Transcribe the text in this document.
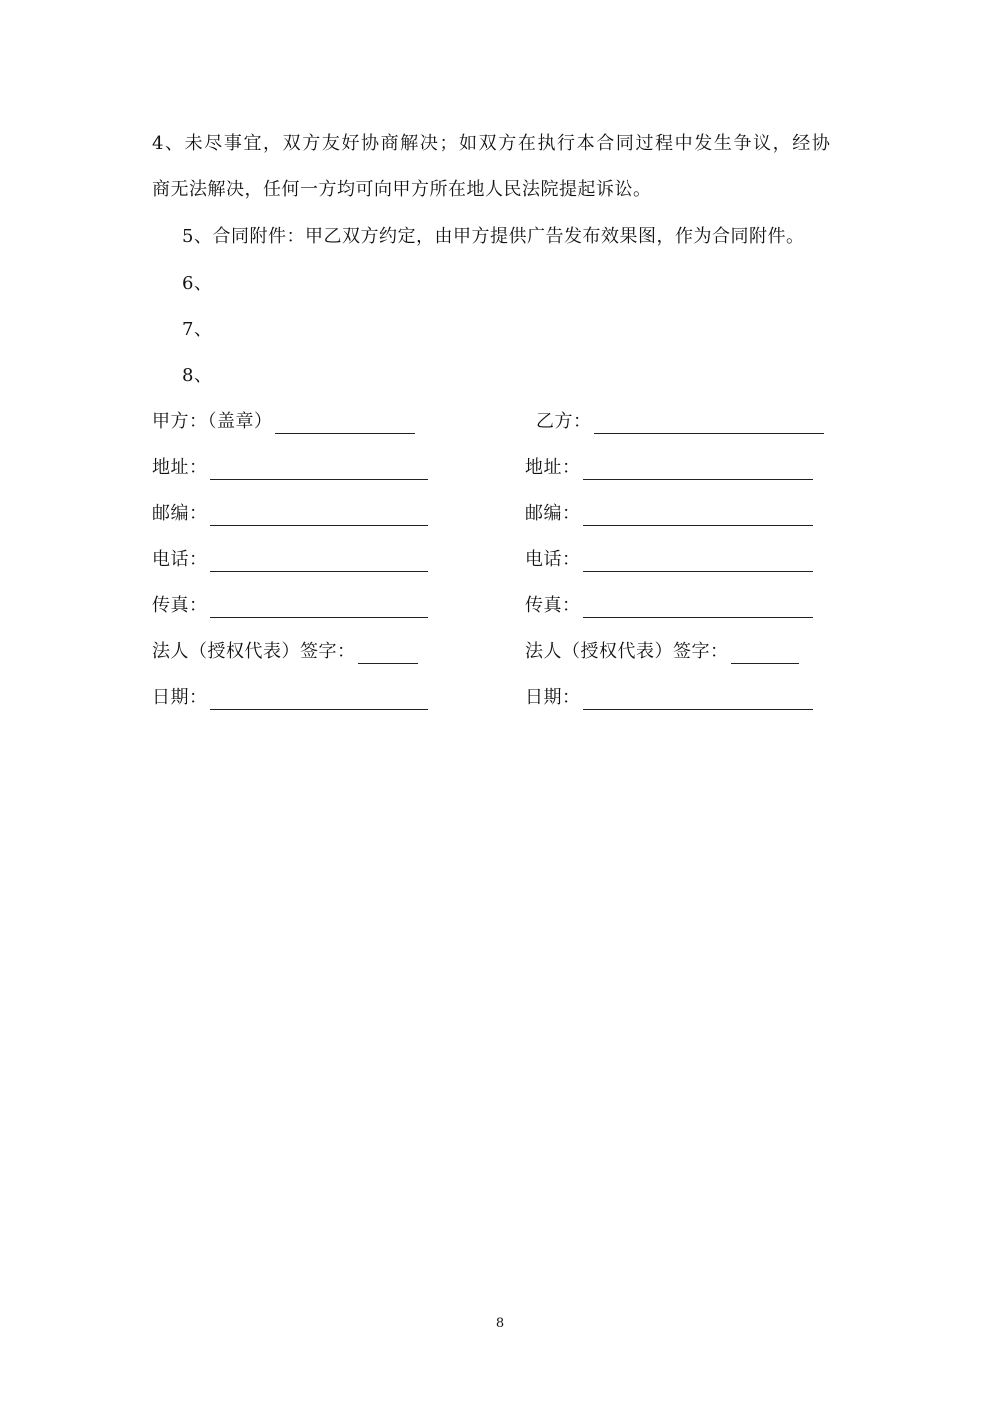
4、未尽事宜，双方友好协商解决；如双方在执行本合同过程中发生争议，经协
商无法解决，任何一方均可向甲方所在地人民法院提起诉讼。
5、合同附件：甲乙双方约定，由甲方提供广告发布效果图，作为合同附件。
6、
7、
8、
甲方：（盖章）
地址：
邮编：
电话：
传真：
法人（授权代表）签字：
日期：
乙方：
地址：
邮编：
电话：
传真：
法人（授权代表）签字：
日期：
8
